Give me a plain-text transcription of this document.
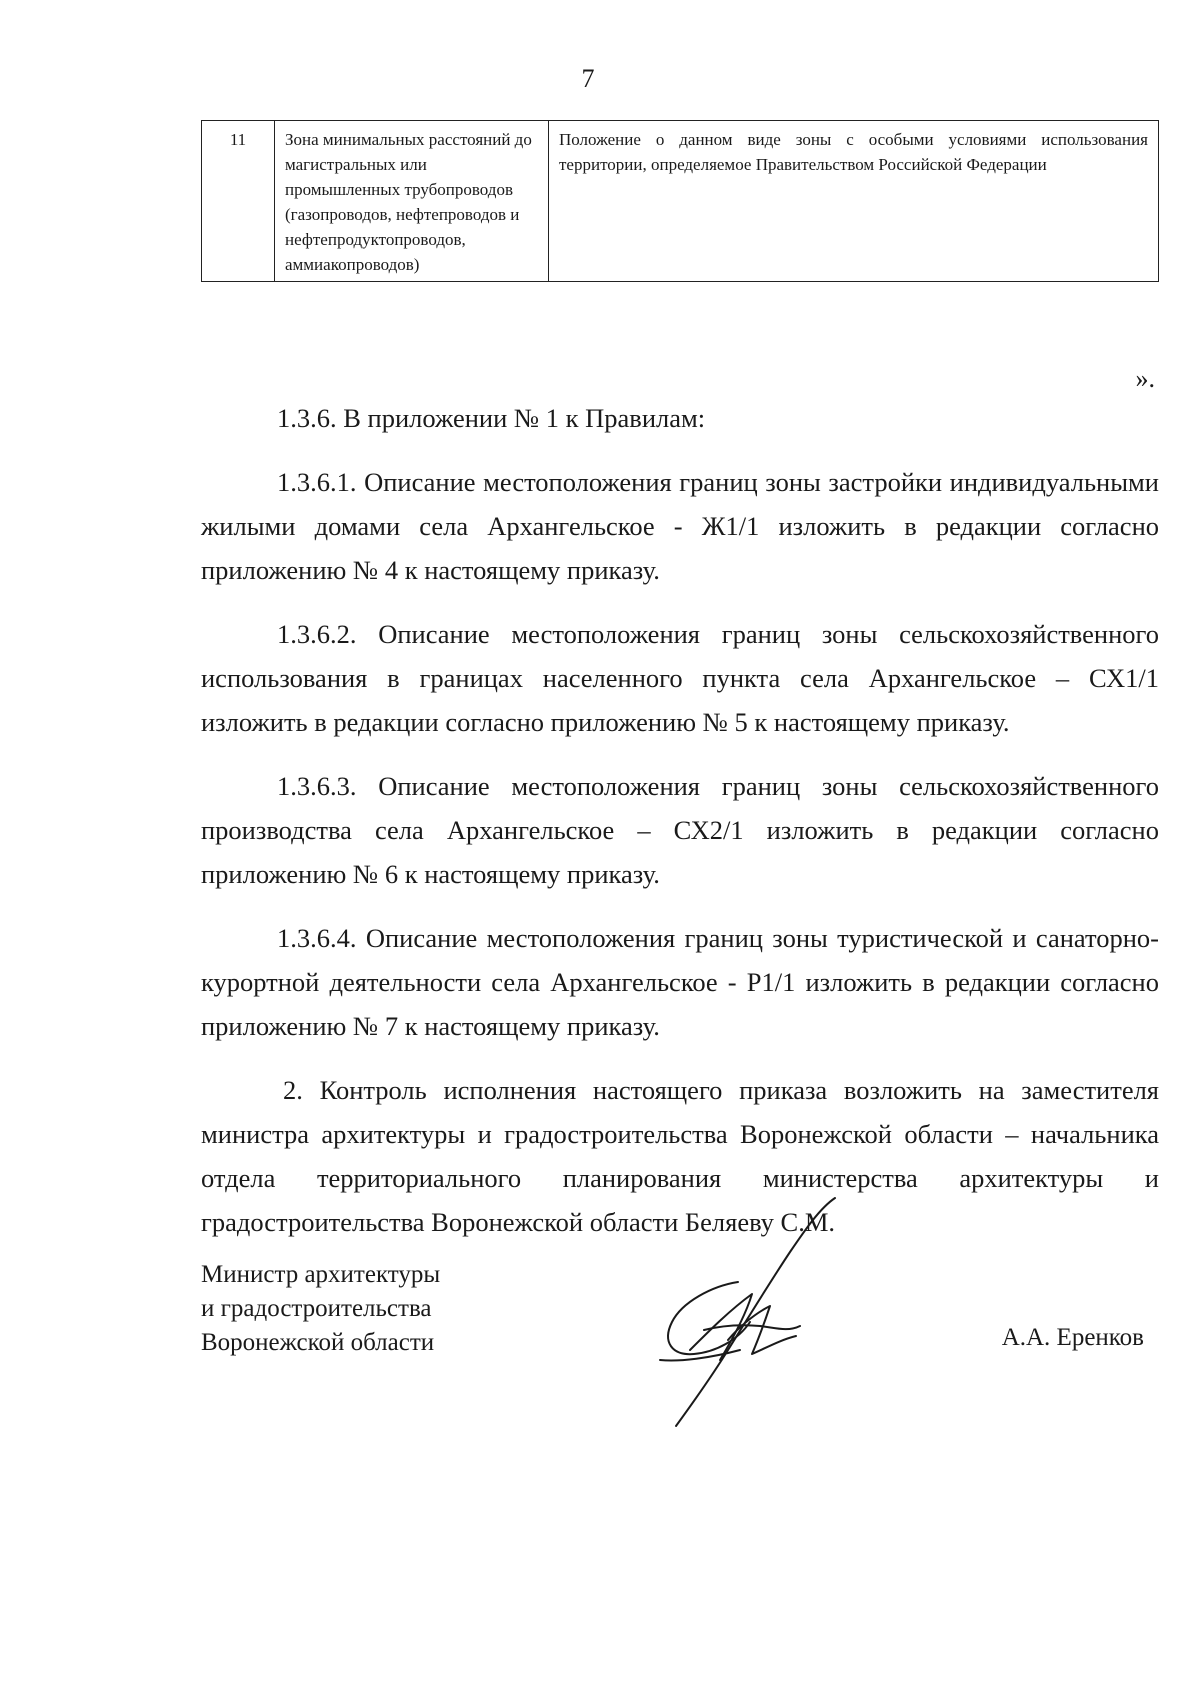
7
11	Зона минимальных расстояний до магистральных или промышленных трубопроводов (газопроводов, нефтепроводов и нефтепродуктопроводов, аммиакопроводов)	Положение о данном виде зоны с особыми условиями использования территории, определяемое Правительством Российской Федерации
».

1.3.6. В приложении № 1 к Правилам:

1.3.6.1. Описание местоположения границ зоны застройки индивидуальными жилыми домами села Архангельское - Ж1/1 изложить в редакции согласно приложению № 4 к настоящему приказу.

1.3.6.2. Описание местоположения границ зоны сельскохозяйственного использования в границах населенного пункта села Архангельское – СХ1/1 изложить в редакции согласно приложению № 5 к настоящему приказу.

1.3.6.3. Описание местоположения границ зоны сельскохозяйственного производства села Архангельское – СХ2/1 изложить в редакции согласно приложению № 6 к настоящему приказу.

1.3.6.4. Описание местоположения границ зоны туристической и санаторно-курортной деятельности села Архангельское - Р1/1 изложить в редакции согласно приложению № 7 к настоящему приказу.

2. Контроль исполнения настоящего приказа возложить на заместителя министра архитектуры и градостроительства Воронежской области – начальника отдела территориального планирования министерства архитектуры и градостроительства Воронежской области Беляеву С.М.

Министр архитектуры
и градостроительства
Воронежской области	А.А. Еренков
